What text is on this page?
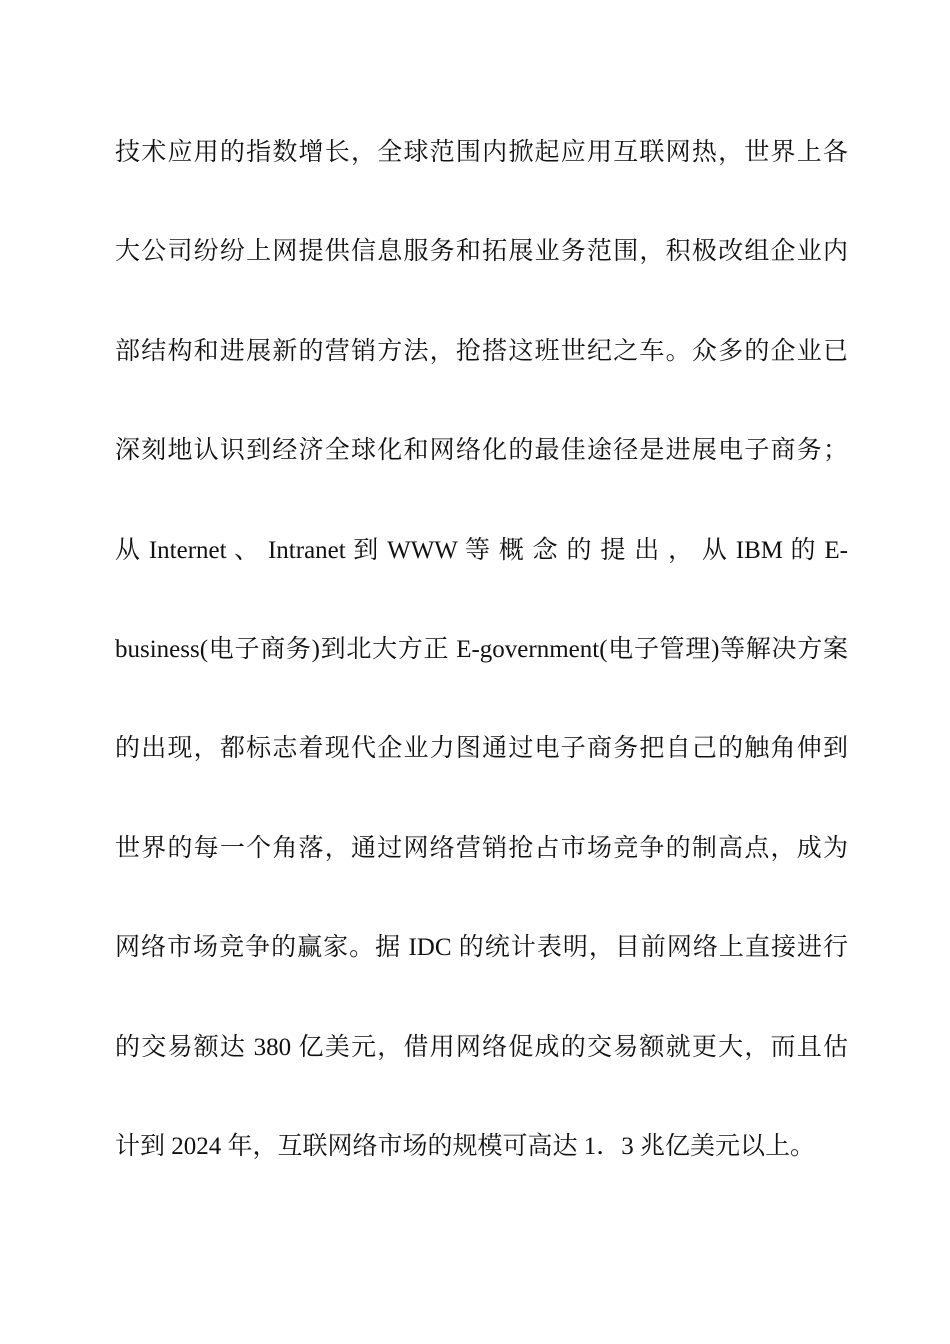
技术应用的指数增长，全球范围内掀起应用互联网热，世界上各
大公司纷纷上网提供信息服务和拓展业务范围，积极改组企业内
部结构和进展新的营销方法，抢搭这班世纪之车。众多的企业已
深刻地认识到经济全球化和网络化的最佳途径是进展电子商务；
从 Internet 、 Intranet 到 WWW 等 概 念 的 提 出 ， 从 IBM 的 E-
business(电子商务)到北大方正 E-government(电子管理)等解决方案
的出现，都标志着现代企业力图通过电子商务把自己的触角伸到
世界的每一个角落，通过网络营销抢占市场竞争的制高点，成为
网络市场竞争的赢家。据 IDC 的统计表明，目前网络上直接进行
的交易额达 380 亿美元，借用网络促成的交易额就更大，而且估
计到 2024 年，互联网络市场的规模可高达 1．3 兆亿美元以上。
